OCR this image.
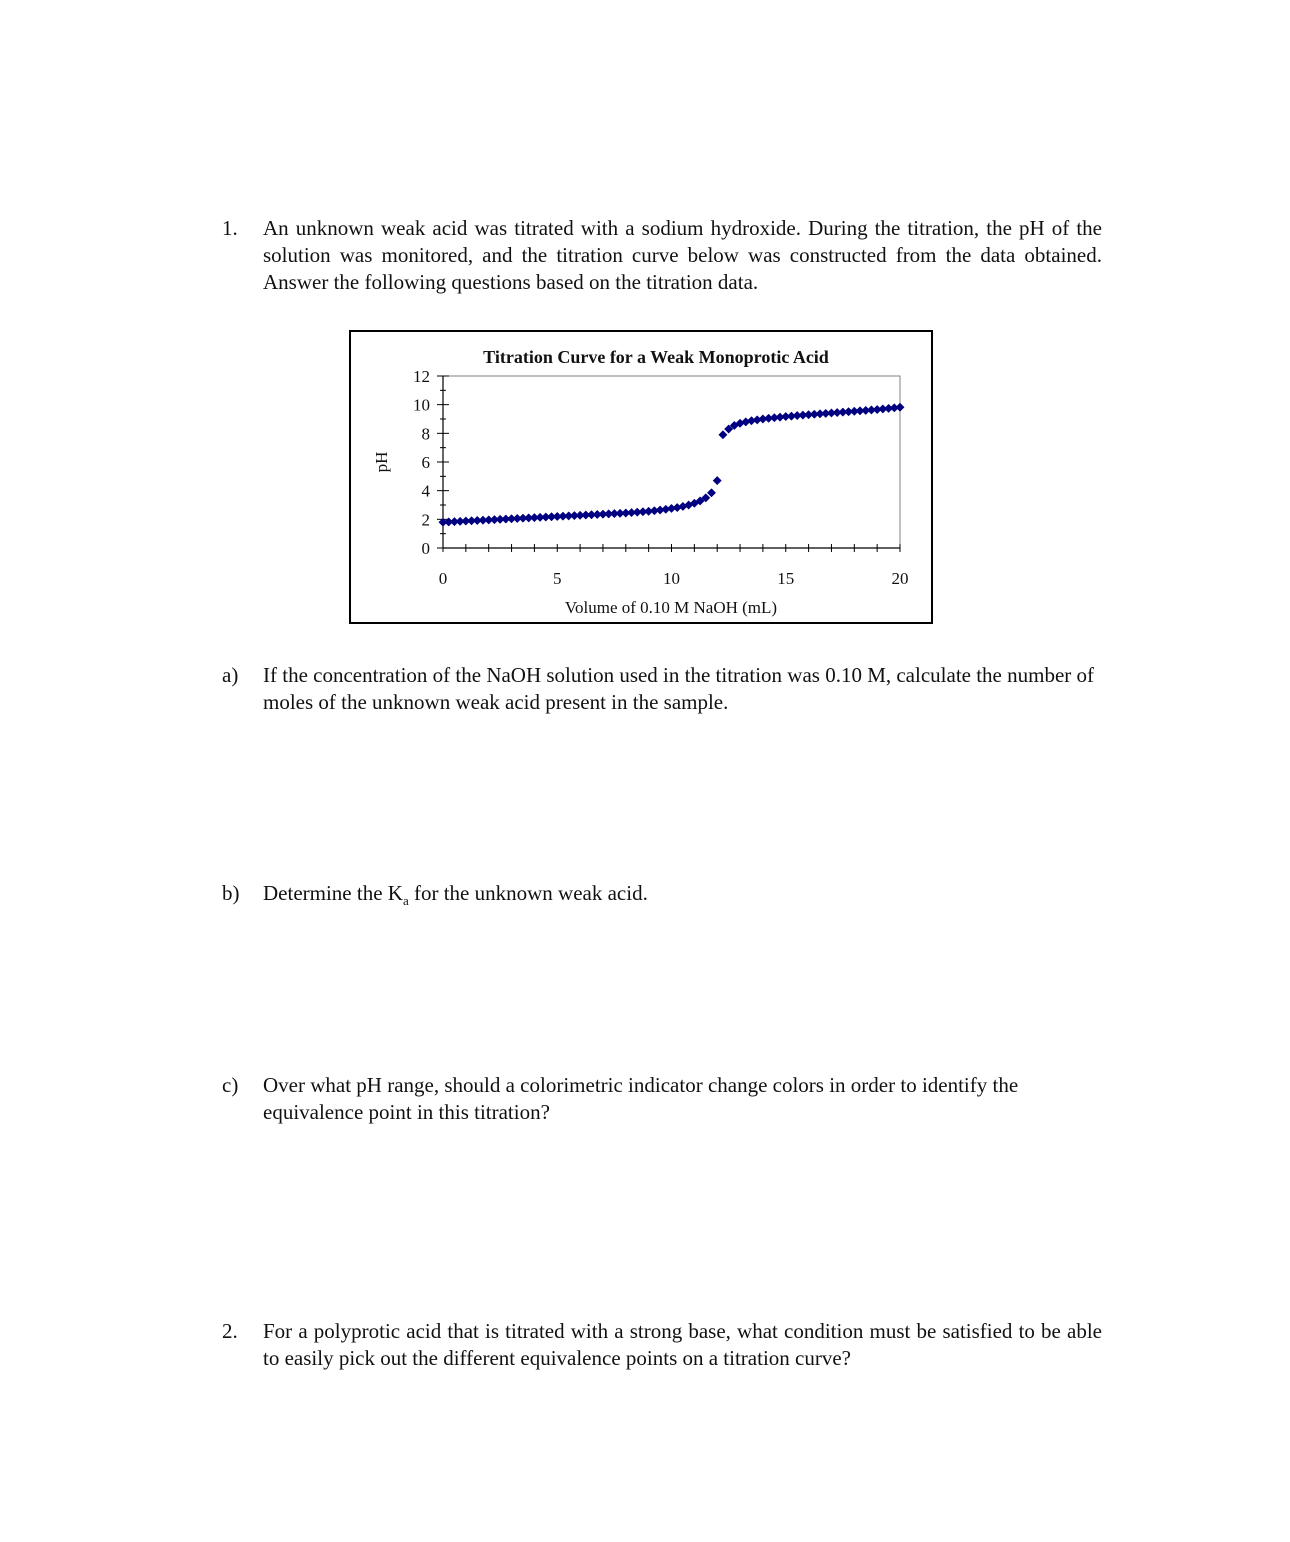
1. An unknown weak acid was titrated with a sodium hydroxide. During the titration, the pH of the solution was monitored, and the titration curve below was constructed from the data obtained. Answer the following questions based on the titration data.
Titration Curve for a Weak Monoprotic Acid
0
2
4
6
8
10
12
0	5	10	15	20
pH
Volume of 0.10 M NaOH (mL)
a) If the concentration of the NaOH solution used in the titration was 0.10 M, calculate the number of moles of the unknown weak acid present in the sample.
b) Determine the $K_a$ for the unknown weak acid.
c) Over what pH range, should a colorimetric indicator change colors in order to identify the equivalence point in this titration?
2. For a polyprotic acid that is titrated with a strong base, what condition must be satisfied to be able to easily pick out the different equivalence points on a titration curve?
